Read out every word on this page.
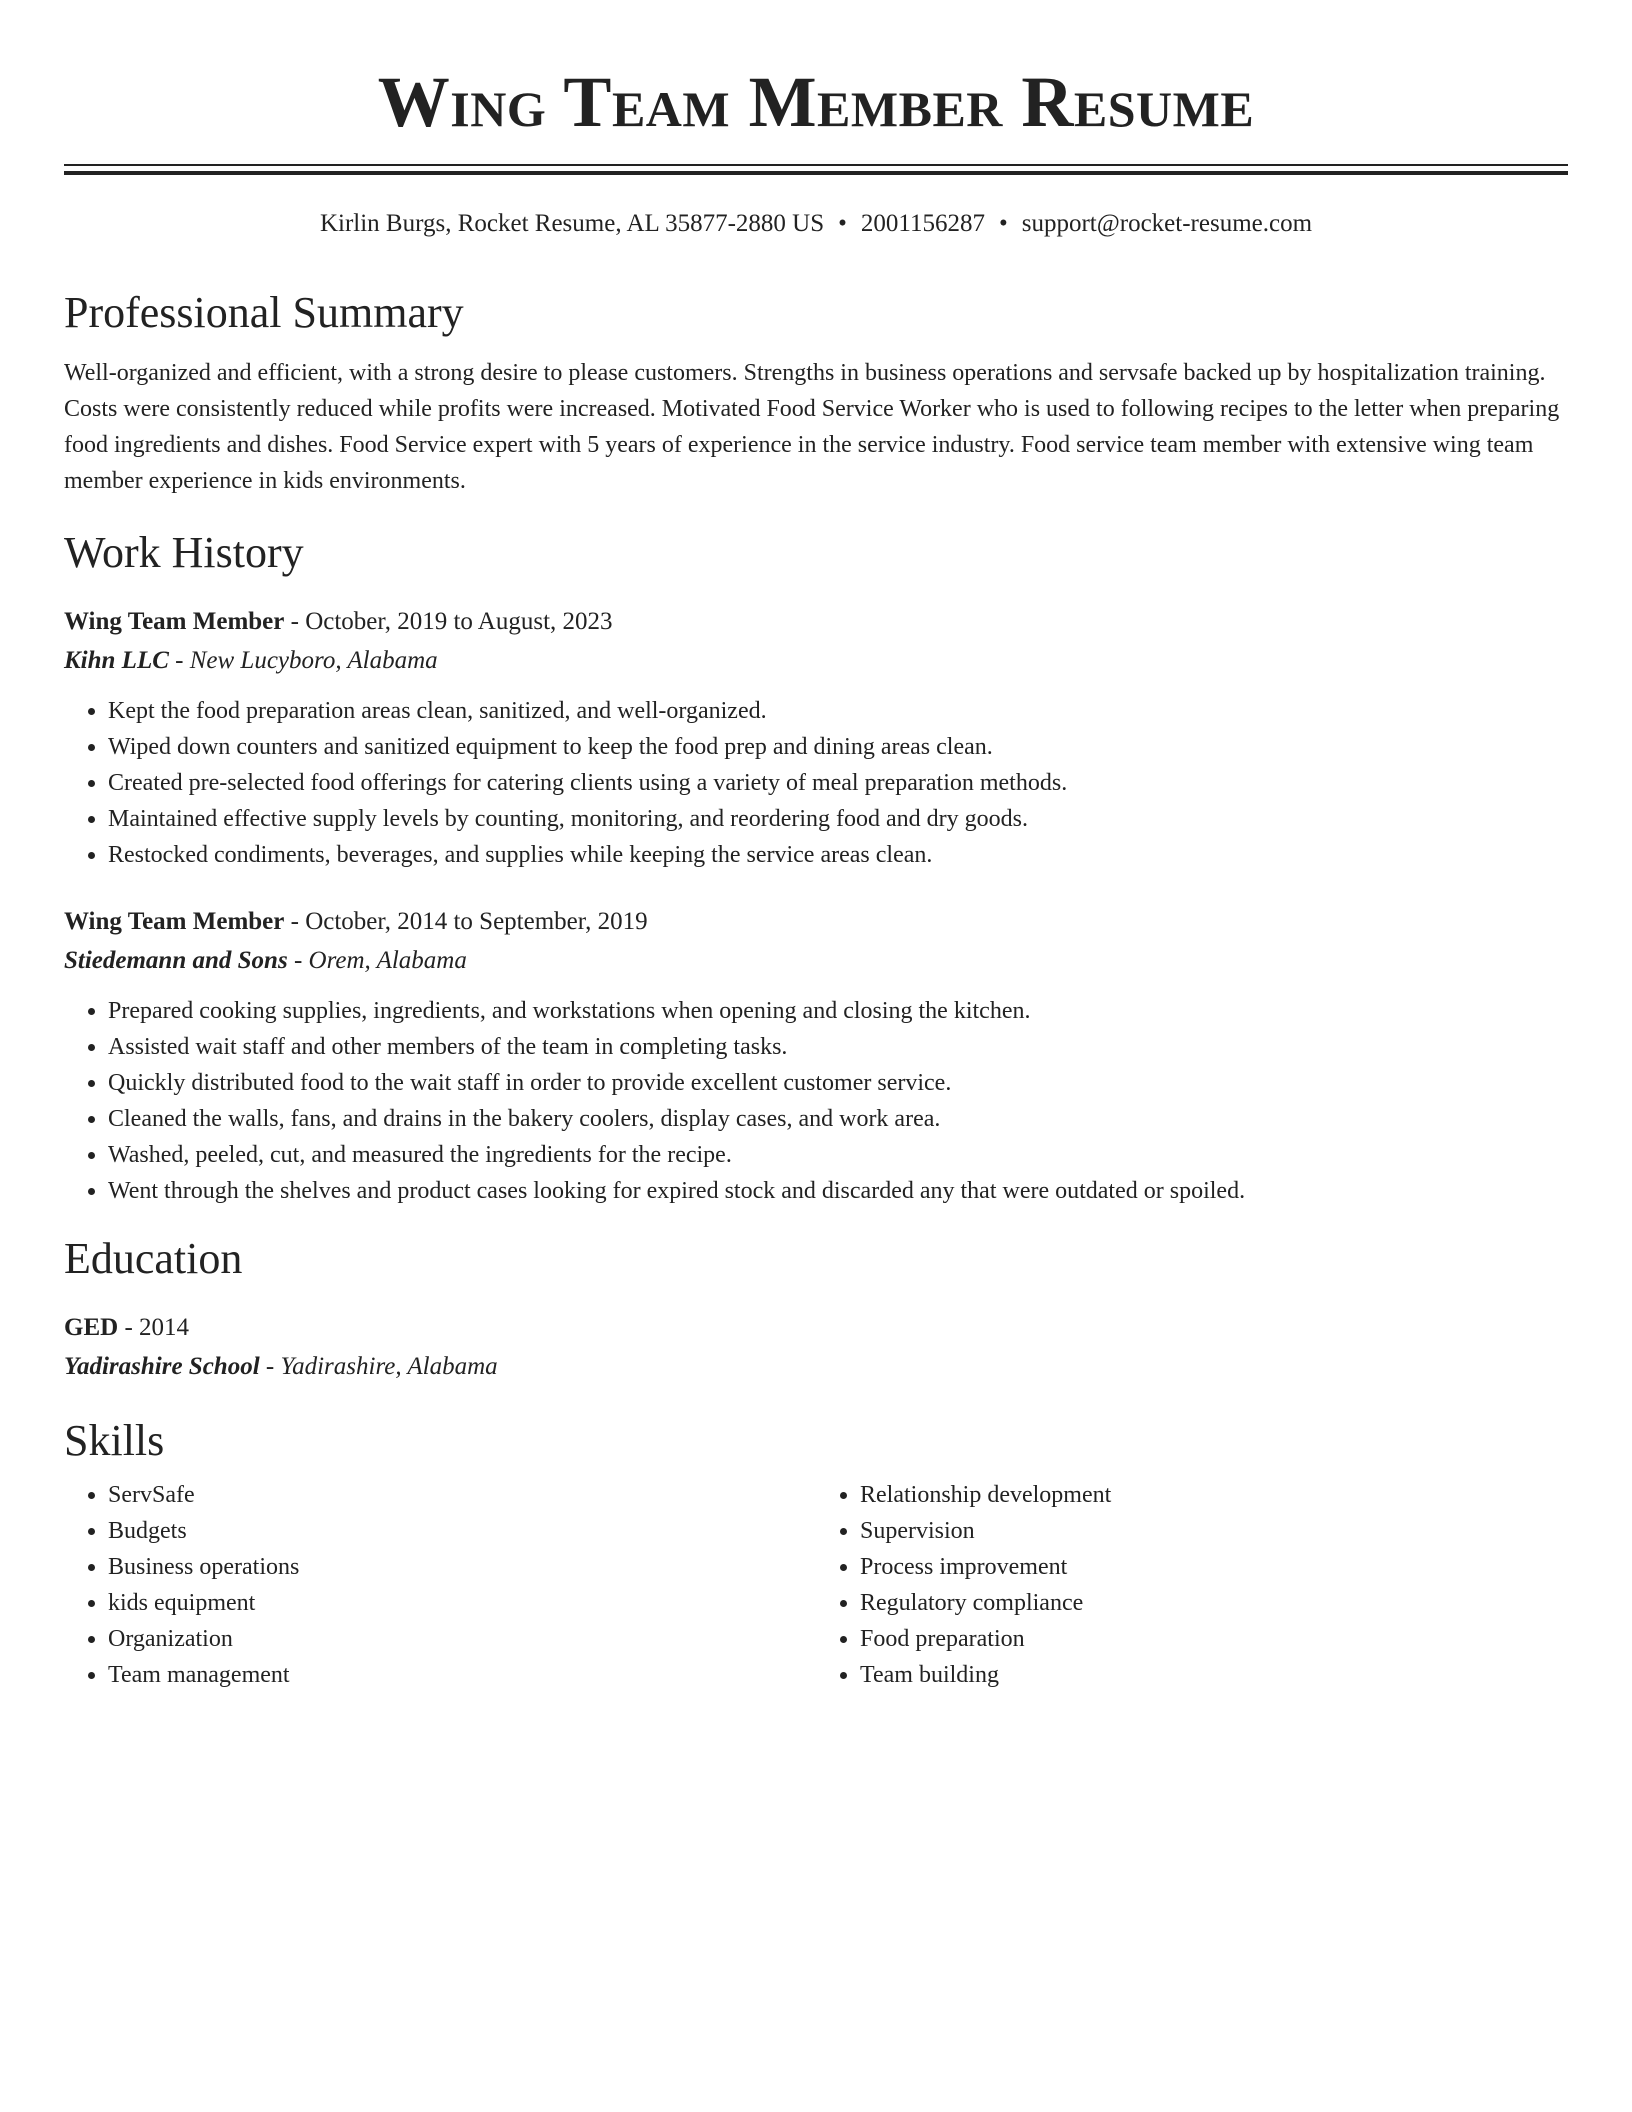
Wing Team Member Resume
Kirlin Burgs, Rocket Resume, AL 35877-2880 US • 2001156287 • support@rocket-resume.com
Professional Summary

Well-organized and efficient, with a strong desire to please customers. Strengths in business operations and servsafe backed up by hospitalization training. Costs were consistently reduced while profits were increased. Motivated Food Service Worker who is used to following recipes to the letter when preparing food ingredients and dishes. Food Service expert with 5 years of experience in the service industry. Food service team member with extensive wing team member experience in kids environments.

Work History
Wing Team Member - October, 2019 to August, 2023
Kihn LLC - New Lucyboro, Alabama
• Kept the food preparation areas clean, sanitized, and well-organized.
• Wiped down counters and sanitized equipment to keep the food prep and dining areas clean.
• Created pre-selected food offerings for catering clients using a variety of meal preparation methods.
• Maintained effective supply levels by counting, monitoring, and reordering food and dry goods.
• Restocked condiments, beverages, and supplies while keeping the service areas clean.
Wing Team Member - October, 2014 to September, 2019
Stiedemann and Sons - Orem, Alabama
• Prepared cooking supplies, ingredients, and workstations when opening and closing the kitchen.
• Assisted wait staff and other members of the team in completing tasks.
• Quickly distributed food to the wait staff in order to provide excellent customer service.
• Cleaned the walls, fans, and drains in the bakery coolers, display cases, and work area.
• Washed, peeled, cut, and measured the ingredients for the recipe.
• Went through the shelves and product cases looking for expired stock and discarded any that were outdated or spoiled.
Education
GED - 2014
Yadirashire School - Yadirashire, Alabama
Skills
• ServSafe
• Budgets
• Business operations
• kids equipment
• Organization
• Team management
• Relationship development
• Supervision
• Process improvement
• Regulatory compliance
• Food preparation
• Team building
